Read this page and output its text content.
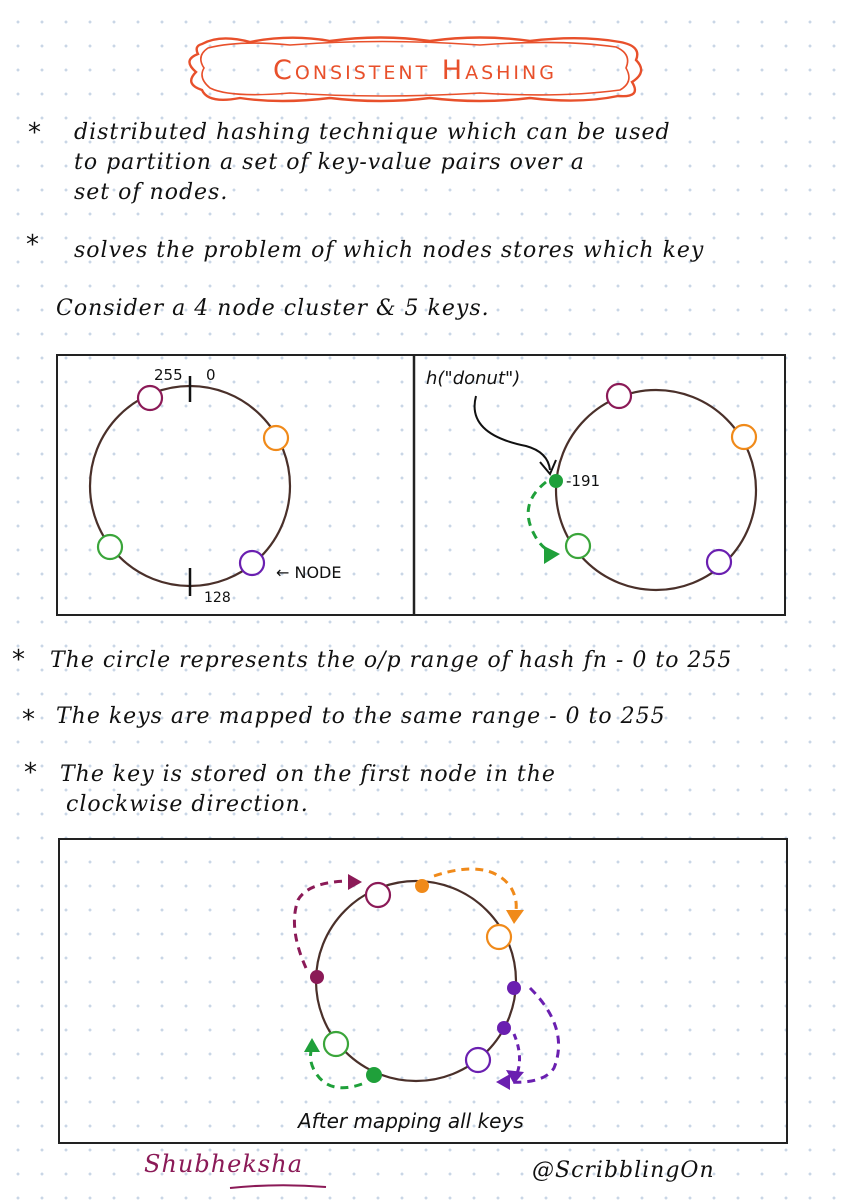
Consistent Hashing
* distributed hashing technique which can be used
to partition a set of key-value pairs over a
set of nodes.
* solves the problem of which nodes stores which key
Consider a 4 node cluster & 5 keys.
255 0
128
← NODE
-191
h("donut")
* The circle represents the o/p range of hash fn - 0 to 255
* The keys are mapped to the same range - 0 to 255
* The key is stored on the first node in the
clockwise direction.
After mapping all keys
Shubheksha	@ScribblingOn
